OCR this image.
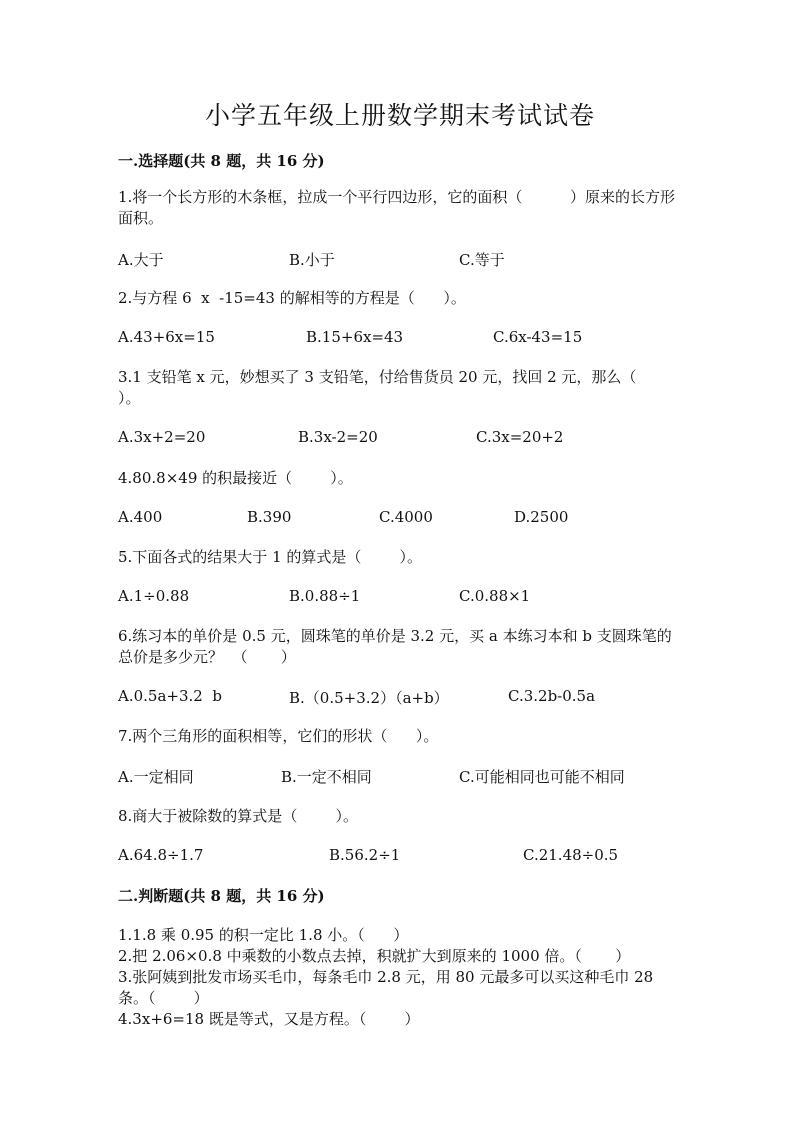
小学五年级上册数学期末考试试卷
一.选择题(共 8 题，共 16 分)
1.将一个长方形的木条框，拉成一个平行四边形，它的面积（          ）原来的长方形面积。
A.大于	B.小于	C.等于
2.与方程 6  x  -15=43 的解相等的方程是（      ）。
A.43+6x=15	B.15+6x=43	C.6x-43=15
3.1 支铅笔 x 元，妙想买了 3 支铅笔，付给售货员 20 元，找回 2 元，那么（       ）。
A.3x+2=20	B.3x-2=20	C.3x=20+2
4.80.8×49 的积最接近（        ）。
A.400	B.390	C.4000	D.2500
5.下面各式的结果大于 1 的算式是（        ）。
A.1÷0.88	B.0.88÷1	C.0.88×1
6.练习本的单价是 0.5 元，圆珠笔的单价是 3.2 元，买 a 本练习本和 b 支圆珠笔的总价是多少元？  （       ）
A.0.5a+3.2  b	B.（0.5+3.2）（a+b）	C.3.2b-0.5a
7.两个三角形的面积相等，它们的形状（      ）。
A.一定相同	B.一定不相同	C.可能相同也可能不相同
8.商大于被除数的算式是（        ）。
A.64.8÷1.7	B.56.2÷1	C.21.48÷0.5
二.判断题(共 8 题，共 16 分)
1.1.8 乘 0.95 的积一定比 1.8 小。（      ）
2.把 2.06×0.8 中乘数的小数点去掉，积就扩大到原来的 1000 倍。（       ）
3.张阿姨到批发市场买毛巾，每条毛巾 2.8 元，用 80 元最多可以买这种毛巾 28 条。（        ）
4.3x+6=18 既是等式，又是方程。（        ）
